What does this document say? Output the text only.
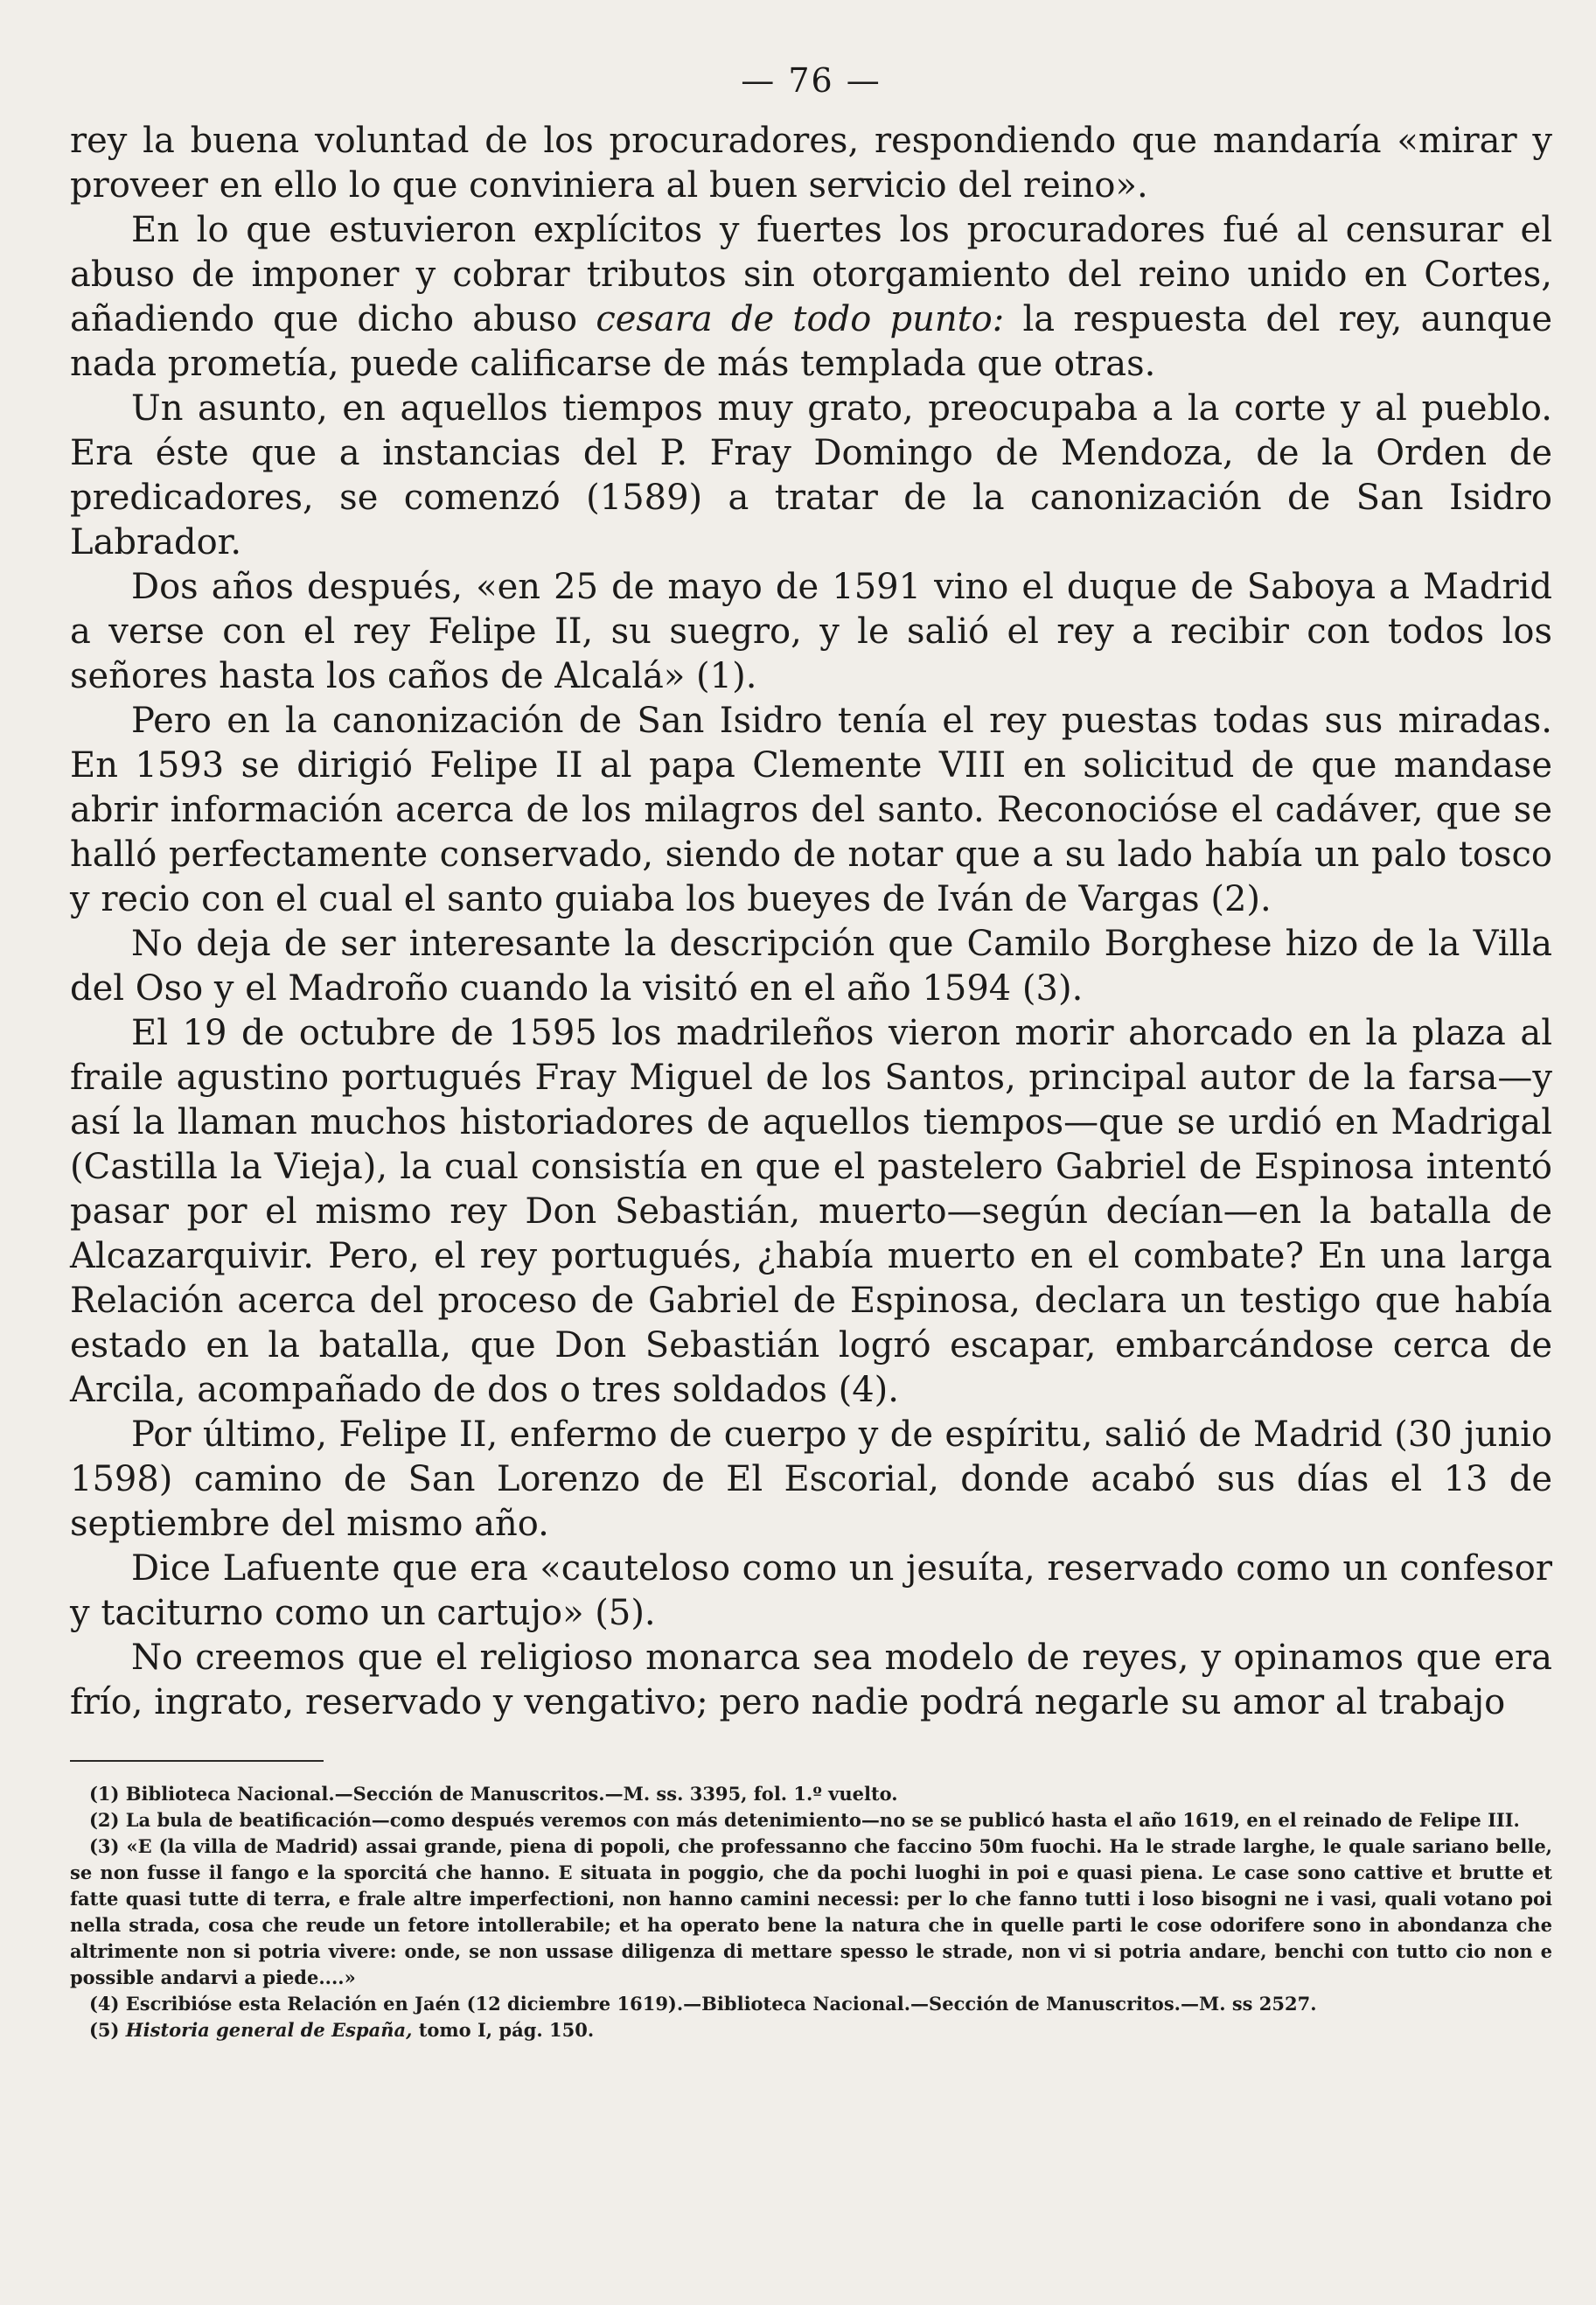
— 76 —

rey la buena voluntad de los procuradores, respondiendo que mandaría «mirar y proveer en ello lo que conviniera al buen servicio del reino».

En lo que estuvieron explícitos y fuertes los procuradores fué al censurar el abuso de imponer y cobrar tributos sin otorgamiento del reino unido en Cortes, añadiendo que dicho abuso cesara de todo punto: la respuesta del rey, aunque nada prometía, puede calificarse de más templada que otras.

Un asunto, en aquellos tiempos muy grato, preocupaba a la corte y al pueblo. Era éste que a instancias del P. Fray Domingo de Mendoza, de la Orden de predicadores, se comenzó (1589) a tratar de la canonización de San Isidro Labrador.

Dos años después, «en 25 de mayo de 1591 vino el duque de Saboya a Madrid a verse con el rey Felipe II, su suegro, y le salió el rey a recibir con todos los señores hasta los caños de Alcalá» (1).

Pero en la canonización de San Isidro tenía el rey puestas todas sus miradas. En 1593 se dirigió Felipe II al papa Clemente VIII en solicitud de que mandase abrir información acerca de los milagros del santo. Reconocióse el cadáver, que se halló perfectamente conservado, siendo de notar que a su lado había un palo tosco y recio con el cual el santo guiaba los bueyes de Iván de Vargas (2).

No deja de ser interesante la descripción que Camilo Borghese hizo de la Villa del Oso y el Madroño cuando la visitó en el año 1594 (3).

El 19 de octubre de 1595 los madrileños vieron morir ahorcado en la plaza al fraile agustino portugués Fray Miguel de los Santos, principal autor de la farsa—y así la llaman muchos historiadores de aquellos tiempos—que se urdió en Madrigal (Castilla la Vieja), la cual consistía en que el pastelero Gabriel de Espinosa intentó pasar por el mismo rey Don Sebastián, muerto—según decían—en la batalla de Alcazarquivir. Pero, el rey portugués, ¿había muerto en el combate? En una larga Relación acerca del proceso de Gabriel de Espinosa, declara un testigo que había estado en la batalla, que Don Sebastián logró escapar, embarcándose cerca de Arcila, acompañado de dos o tres soldados (4).

Por último, Felipe II, enfermo de cuerpo y de espíritu, salió de Madrid (30 junio 1598) camino de San Lorenzo de El Escorial, donde acabó sus días el 13 de septiembre del mismo año.

Dice Lafuente que era «cauteloso como un jesuíta, reservado como un confesor y taciturno como un cartujo» (5).

No creemos que el religioso monarca sea modelo de reyes, y opinamos que era frío, ingrato, reservado y vengativo; pero nadie podrá negarle su amor al trabajo

(1) Biblioteca Nacional.—Sección de Manuscritos.—M. ss. 3395, fol. 1.º vuelto.

(2) La bula de beatificación—como después veremos con más detenimiento—no se se publicó hasta el año 1619, en el reinado de Felipe III.

(3) «E (la villa de Madrid) assai grande, piena di popoli, che professanno che faccino 50m fuochi. Ha le strade larghe, le quale sariano belle, se non fusse il fango e la sporcitá che hanno. E situata in poggio, che da pochi luoghi in poi e quasi piena. Le case sono cattive et brutte et fatte quasi tutte di terra, e frale altre imperfectioni, non hanno camini necessi: per lo che fanno tutti i loso bisogni ne i vasi, quali votano poi nella strada, cosa che reude un fetore intollerabile; et ha operato bene la natura che in quelle parti le cose odorifere sono in abondanza che altrimente non si potria vivere: onde, se non ussase diligenza di mettare spesso le strade, non vi si potria andare, benchi con tutto cio non e possible andarvi a piede....»

(4) Escribióse esta Relación en Jaén (12 diciembre 1619).—Biblioteca Nacional.—Sección de Manuscritos.—M. ss 2527.

(5) Historia general de España, tomo I, pág. 150.
